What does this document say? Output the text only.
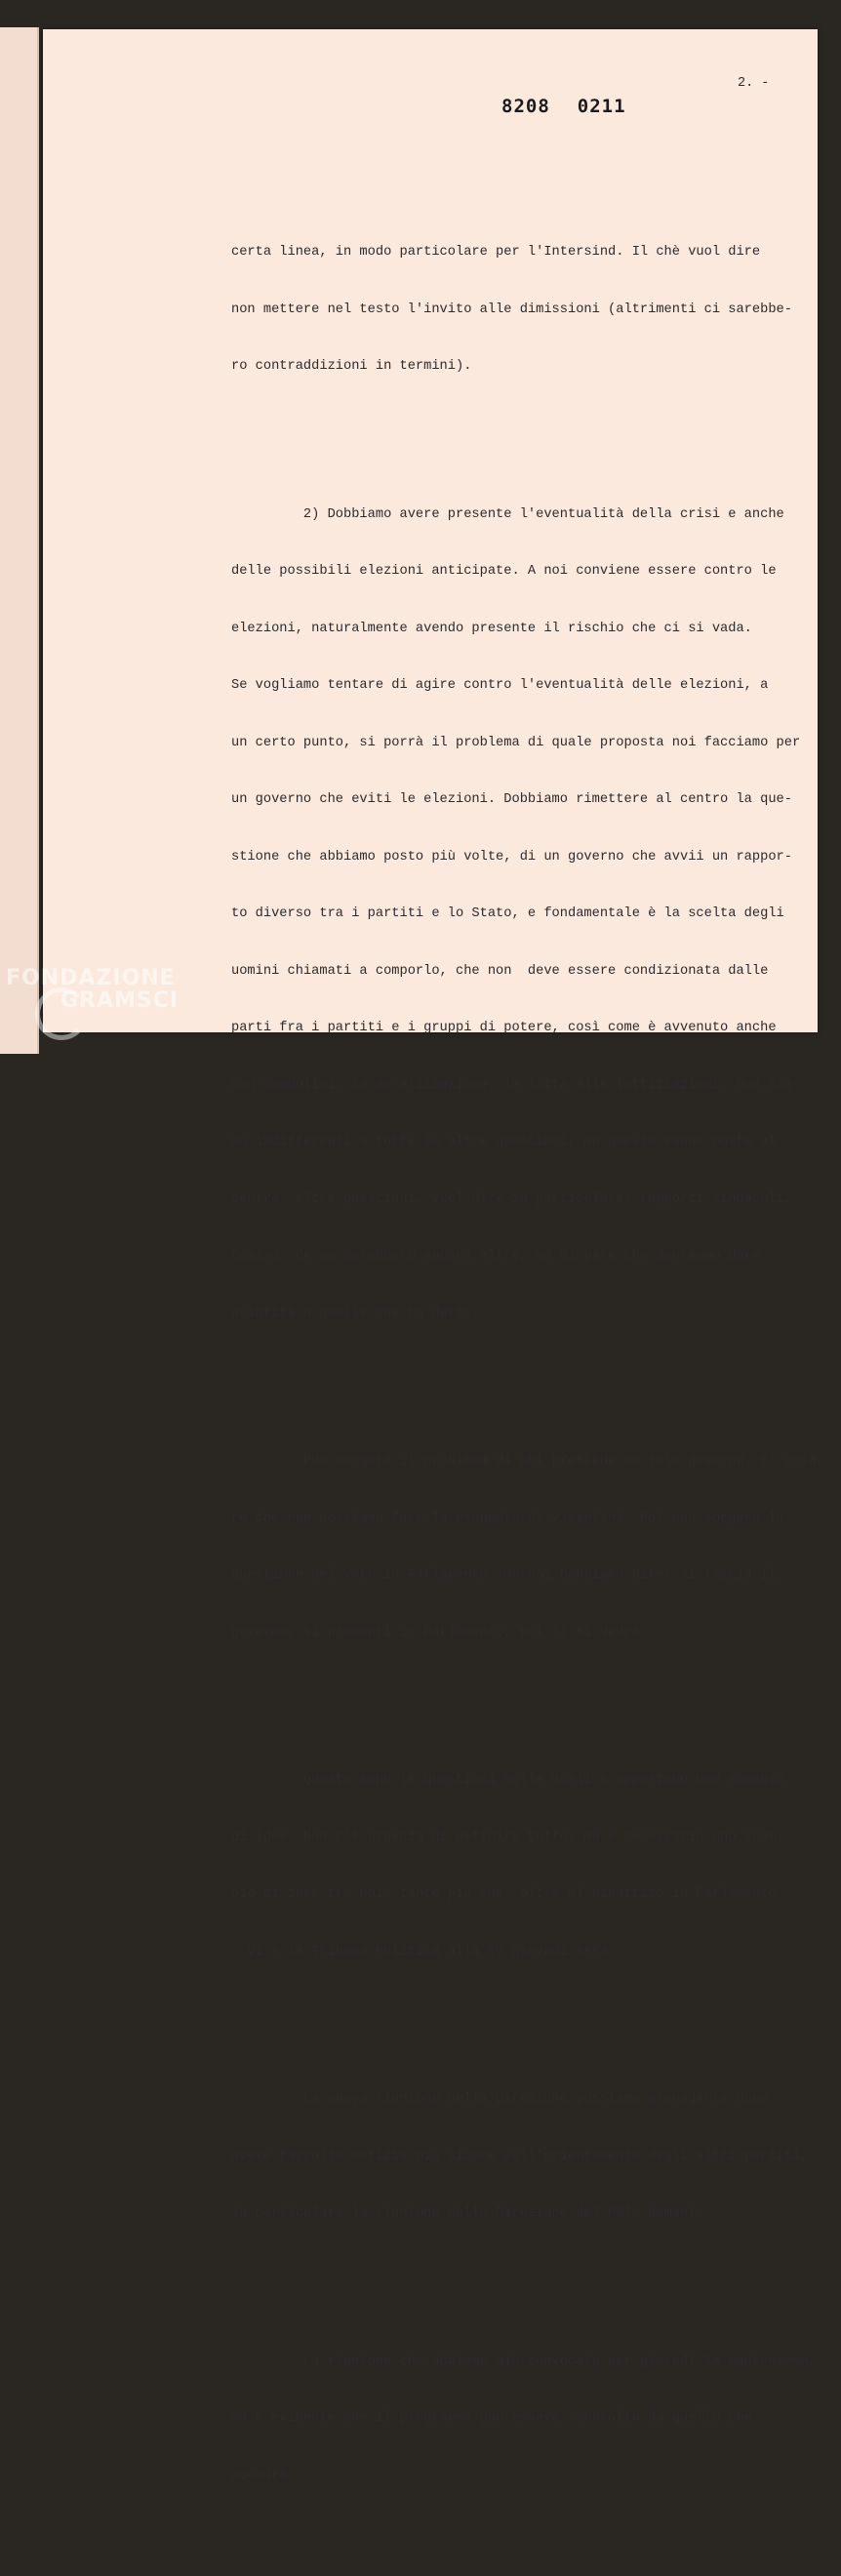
2. -
8208 0211

certa linea, in modo particolare per l'Intersind. Il chè vuol dire

non mettere nel testo l'invito alle dimissioni (altrimenti ci sarebbe-

ro contraddizioni in termini).

2) Dobbiamo avere presente l'eventualità della crisi e anche

delle possibili elezioni anticipate. A noi conviene essere contro le

elezioni, naturalmente avendo presente il rischio che ci si vada.

Se vogliamo tentare di agire contro l'eventualità delle elezioni, a

un certo punto, si porrà il problema di quale proposta noi facciamo per

un governo che eviti le elezioni. Dobbiamo rimettere al centro la que-

stione che abbiamo posto più volte, di un governo che avvii un rappor-

to diverso tra i partiti e lo Stato, e fondamentale è la scelta degli

uomini chiamati a comporlo, che non  deve essere condizionata dalle

parti fra i partiti e i gruppi di potere, così come è avvenuto anche

con Spadolini, la moralizzazione, la lotta alle lottizzazioni. Non sia-

mo indifferenti a tutte le altre questioni, ma queste vanno poste al

centro. Altre questioni, vuol dire in particolare: rapporti sindacali,

Comiso. Ce ne sarebbero ancora altre, ma mi pare che dovremmo dare

priorità a quelle che ho detto.

Può sorgere il problema di chi presiede un tale governo. E' chia-

ro che non possiamo fare la proposta di Visentini. Poi può sorgere la

questione del voto in Parlamento. Ma noi dobbiamo dire: si faccia il

governo, si presenti in Parlamento, poi lì si vedrà.

Queste sono le questioni sulle quali è opportuno uno scambio

di idee. Non c'è urgenza di definire tutto, ma è necessario uno scam-

bio di idee tra noi, tanto più che, oltre al dibattito in Parlamento

, vi è la Tribuna Politica alla TV giovedì sera.

La nuova riunione della Direzione possiamo prevederla dopo

avere raccolto notizie più sicure sull'orientamento degli altri partiti,

in particolare la riunione della Direzione del PSI, domani.

La riunione che abbiamo già convocato per giovedì la manteniamo,

ma è evidente che il programma può essere sconvolto da quello che

accadrà.

FONDAZIONE
GRAMSCI
